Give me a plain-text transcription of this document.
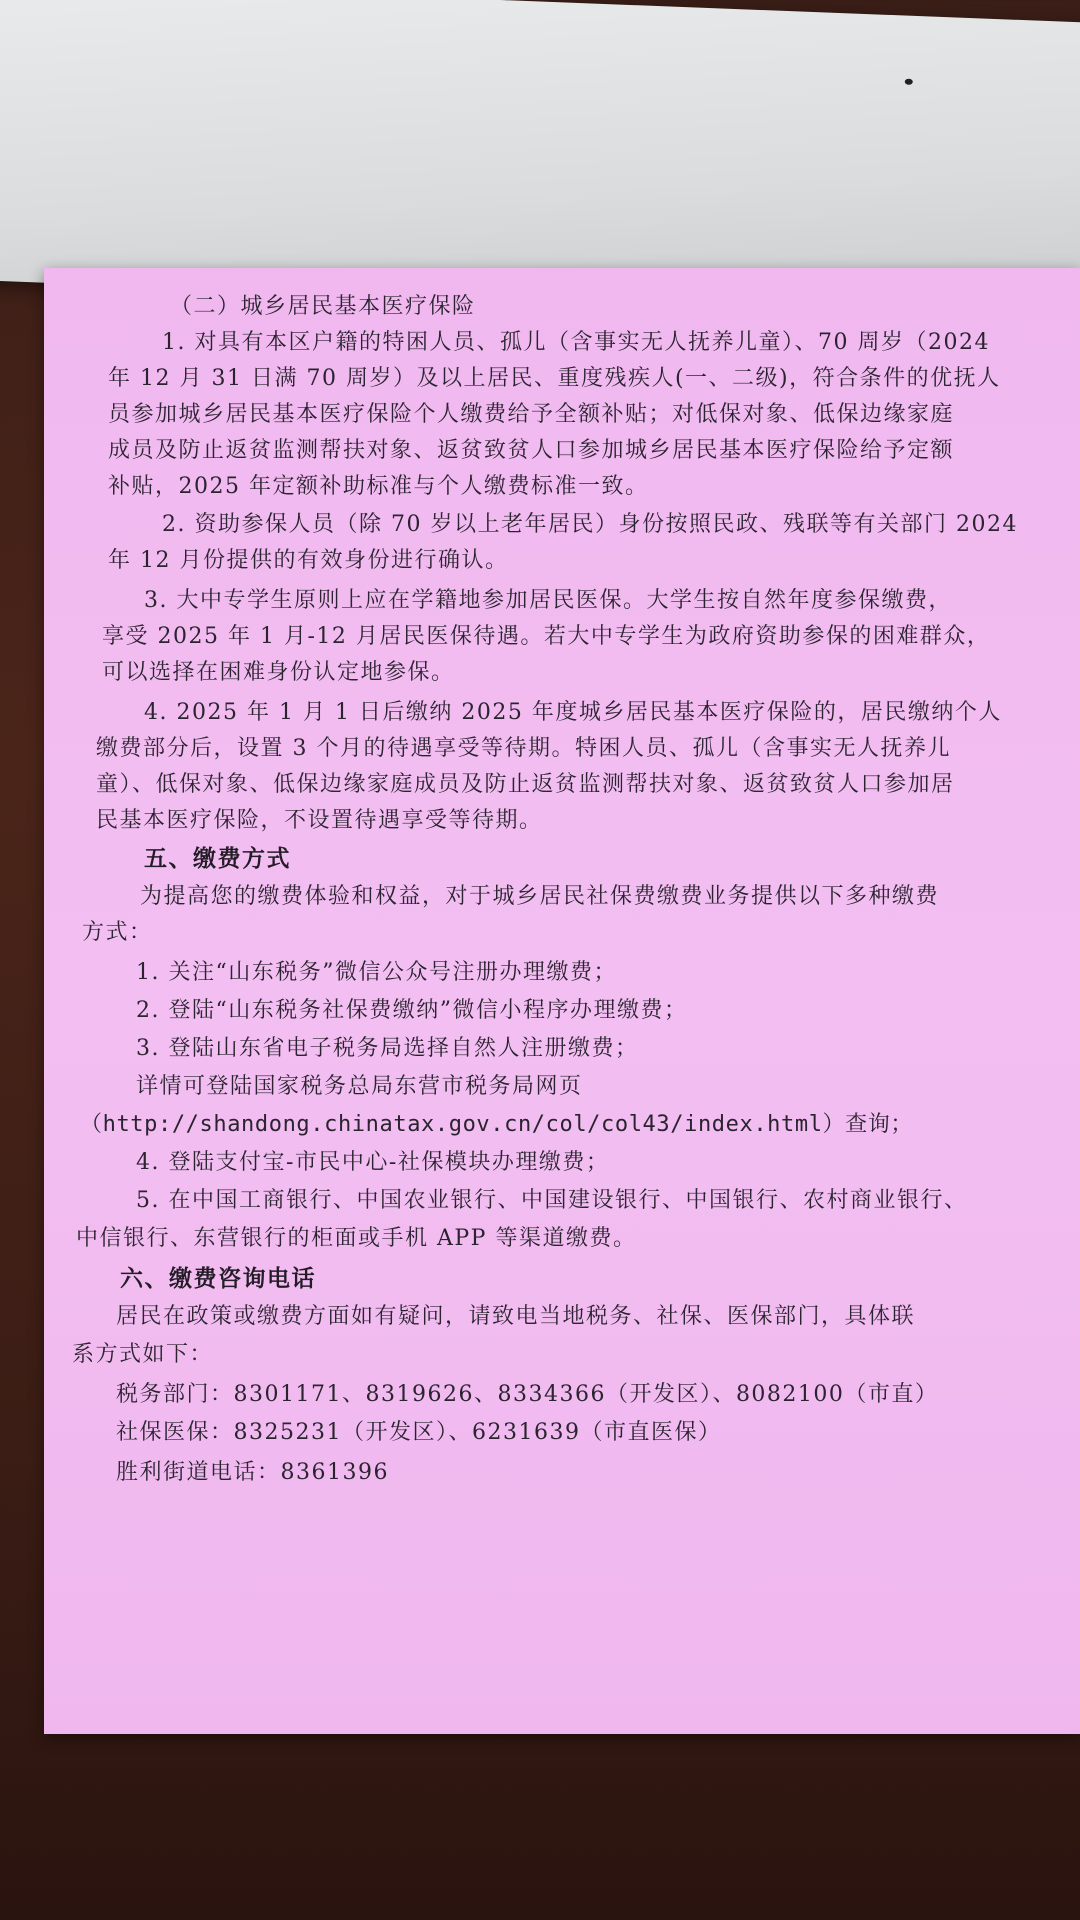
（二）城乡居民基本医疗保险
1. 对具有本区户籍的特困人员、孤儿（含事实无人抚养儿童）、70 周岁（2024
年 12 月 31 日满 70 周岁）及以上居民、重度残疾人(一、二级)，符合条件的优抚人
员参加城乡居民基本医疗保险个人缴费给予全额补贴；对低保对象、低保边缘家庭
成员及防止返贫监测帮扶对象、返贫致贫人口参加城乡居民基本医疗保险给予定额
补贴，2025 年定额补助标准与个人缴费标准一致。
2. 资助参保人员（除 70 岁以上老年居民）身份按照民政、残联等有关部门 2024
年 12 月份提供的有效身份进行确认。
3. 大中专学生原则上应在学籍地参加居民医保。大学生按自然年度参保缴费，
享受 2025 年 1 月-12 月居民医保待遇。若大中专学生为政府资助参保的困难群众，
可以选择在困难身份认定地参保。
4. 2025 年 1 月 1 日后缴纳 2025 年度城乡居民基本医疗保险的，居民缴纳个人
缴费部分后，设置 3 个月的待遇享受等待期。特困人员、孤儿（含事实无人抚养儿
童）、低保对象、低保边缘家庭成员及防止返贫监测帮扶对象、返贫致贫人口参加居
民基本医疗保险，不设置待遇享受等待期。
五、缴费方式
为提高您的缴费体验和权益，对于城乡居民社保费缴费业务提供以下多种缴费
方式：
1. 关注“山东税务”微信公众号注册办理缴费；
2. 登陆“山东税务社保费缴纳”微信小程序办理缴费；
3. 登陆山东省电子税务局选择自然人注册缴费；
详情可登陆国家税务总局东营市税务局网页
（http://shandong.chinatax.gov.cn/col/col43/index.html）查询；
4. 登陆支付宝-市民中心-社保模块办理缴费；
5. 在中国工商银行、中国农业银行、中国建设银行、中国银行、农村商业银行、
中信银行、东营银行的柜面或手机 APP 等渠道缴费。
六、缴费咨询电话
居民在政策或缴费方面如有疑问，请致电当地税务、社保、医保部门，具体联
系方式如下：
税务部门：8301171、8319626、8334366（开发区）、8082100（市直）
社保医保：8325231（开发区）、6231639（市直医保）
胜利街道电话：8361396
